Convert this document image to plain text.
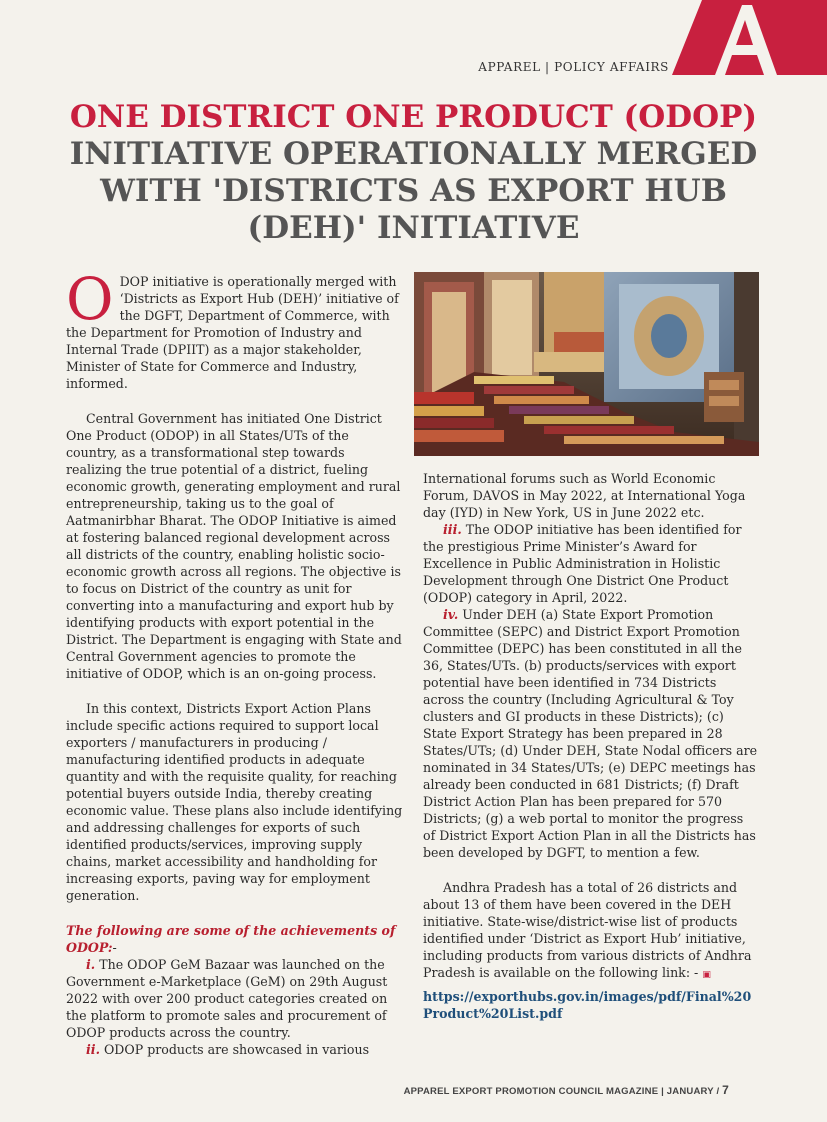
APPAREL | POLICY AFFAIRS
ONE DISTRICT ONE PRODUCT (ODOP)
INITIATIVE OPERATIONALLY MERGED
WITH 'DISTRICTS AS EXPORT HUB
(DEH)' INITIATIVE

ODOP initiative is operationally merged with ‘Districts as Export Hub (DEH)’ initiative of the DGFT, Department of Commerce, with the Department for Promotion of Industry and Internal Trade (DPIIT) as a major stakeholder, Minister of State for Commerce and Industry, informed.

Central Government has initiated One District One Product (ODOP) in all States/UTs of the country, as a transformational step towards realizing the true potential of a district, fueling economic growth, generating employment and rural entrepreneurship, taking us to the goal of Aatmanirbhar Bharat. The ODOP Initiative is aimed at fostering balanced regional development across all districts of the country, enabling holistic socio-economic growth across all regions. The objective is to focus on District of the country as unit for converting into a manufacturing and export hub by identifying products with export potential in the District. The Department is engaging with State and Central Government agencies to promote the initiative of ODOP, which is an on-going process.

In this context, Districts Export Action Plans include specific actions required to support local exporters / manufacturers in producing / manufacturing identified products in adequate quantity and with the requisite quality, for reaching potential buyers outside India, thereby creating economic value. These plans also include identifying and addressing challenges for exports of such identified products/services, improving supply chains, market accessibility and handholding for increasing exports, paving way for employment generation.

The following are some of the achievements of ODOP:-

i. The ODOP GeM Bazaar was launched on the Government e-Marketplace (GeM) on 29th August 2022 with over 200 product categories created on the platform to promote sales and procurement of ODOP products across the country.

ii. ODOP products are showcased in various

International forums such as World Economic Forum, DAVOS in May 2022, at International Yoga day (IYD) in New York, US in June 2022 etc.

iii. The ODOP initiative has been identified for the prestigious Prime Minister’s Award for Excellence in Public Administration in Holistic Development through One District One Product (ODOP) category in April, 2022.

iv. Under DEH (a) State Export Promotion Committee (SEPC) and District Export Promotion Committee (DEPC) has been constituted in all the 36, States/UTs. (b) products/services with export potential have been identified in 734 Districts across the country (Including Agricultural & Toy clusters and GI products in these Districts); (c) State Export Strategy has been prepared in 28 States/UTs; (d) Under DEH, State Nodal officers are nominated in 34 States/UTs; (e) DEPC meetings has already been conducted in 681 Districts; (f) Draft District Action Plan has been prepared for 570 Districts; (g) a web portal to monitor the progress of District Export Action Plan in all the Districts has been developed by DGFT, to mention a few.

Andhra Pradesh has a total of 26 districts and about 13 of them have been covered in the DEH initiative. State-wise/district-wise list of products identified under ‘District as Export Hub’ initiative, including products from various districts of Andhra Pradesh is available on the following link: - ▣

https://exporthubs.gov.in/images/pdf/Final%20Product%20List.pdf

APPAREL EXPORT PROMOTION COUNCIL MAGAZINE | JANUARY / 7
